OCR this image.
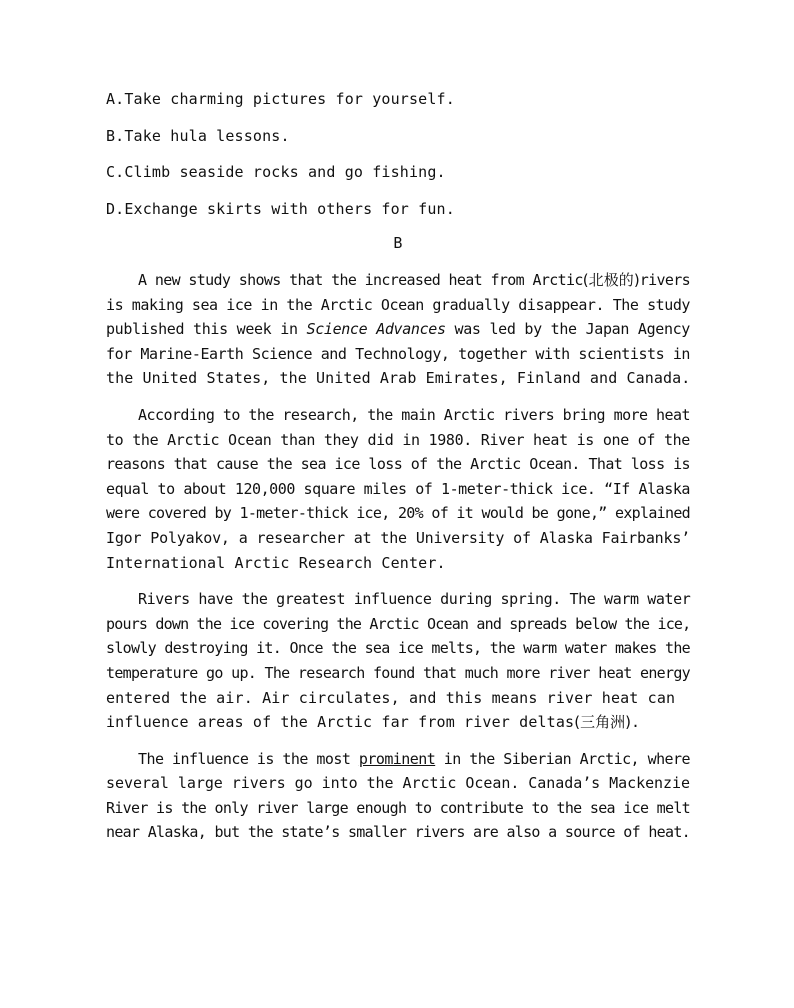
A.Take charming pictures for yourself.
B.Take hula lessons.
C.Climb seaside rocks and go fishing.
D.Exchange skirts with others for fun.
B
A new study shows that the increased heat from Arctic(北极的)rivers
is making sea ice in the Arctic Ocean gradually disappear. The study
published this week in Science Advances was led by the Japan Agency
for Marine-Earth Science and Technology, together with scientists in
the United States, the United Arab Emirates, Finland and Canada.
According to the research, the main Arctic rivers bring more heat
to the Arctic Ocean than they did in 1980. River heat is one of the
reasons that cause the sea ice loss of the Arctic Ocean. That loss is
equal to about 120,000 square miles of 1-meter-thick ice. “If Alaska
were covered by 1-meter-thick ice, 20% of it would be gone,” explained
Igor Polyakov, a researcher at the University of Alaska Fairbanks’
International Arctic Research Center.
Rivers have the greatest influence during spring. The warm water
pours down the ice covering the Arctic Ocean and spreads below the ice,
slowly destroying it. Once the sea ice melts, the warm water makes the
temperature go up. The research found that much more river heat energy
entered the air. Air circulates, and this means river heat can
influence areas of the Arctic far from river deltas(三角洲).
The influence is the most prominent in the Siberian Arctic, where
several large rivers go into the Arctic Ocean. Canada’s Mackenzie
River is the only river large enough to contribute to the sea ice melt
near Alaska, but the state’s smaller rivers are also a source of heat.
